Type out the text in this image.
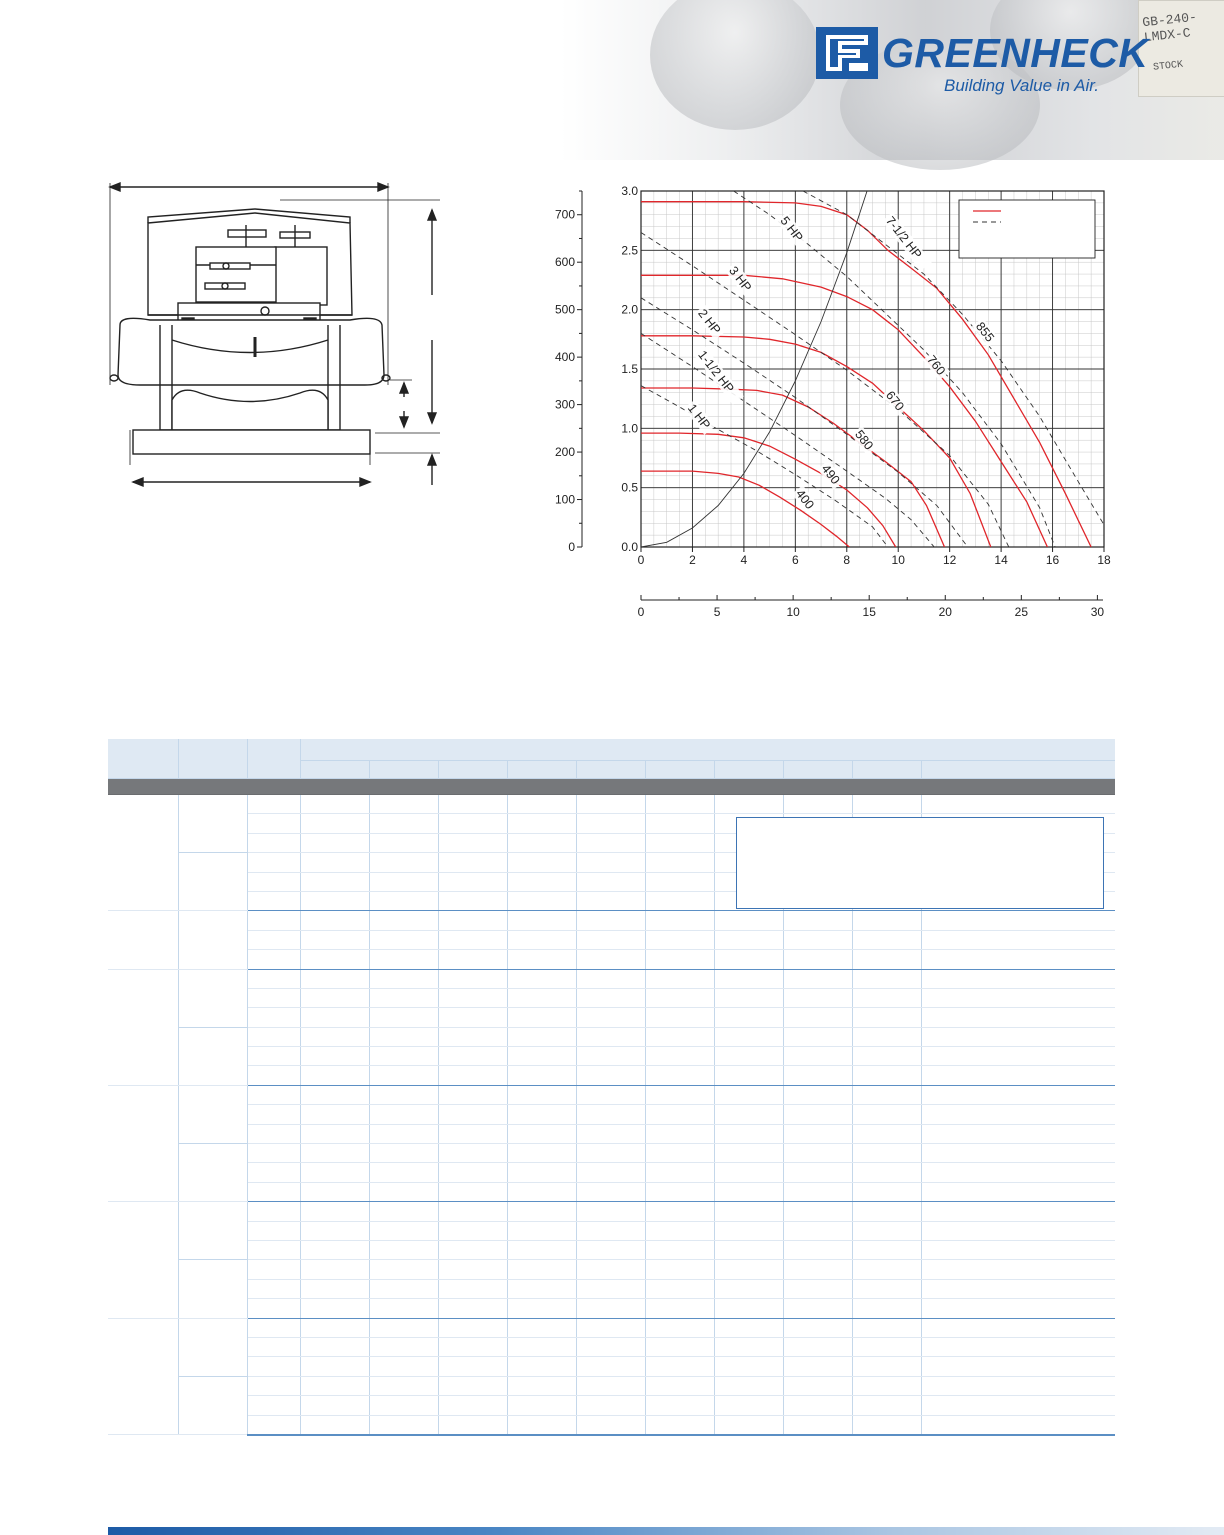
GB-240-LMDX-C
STOCK
GREENHECK
®
Building Value in Air.
0	2	4	6	8	10	12	14	16	18
0.0
0.5
1.0
1.5
2.0
2.5
3.0
0
100
200
300
400
500
600
700
0	5	10	15	20	25	30
400
490
580
670
760
855
1 HP
1-1/2 HP
2 HP
3 HP
5 HP	7-1/2 HP
